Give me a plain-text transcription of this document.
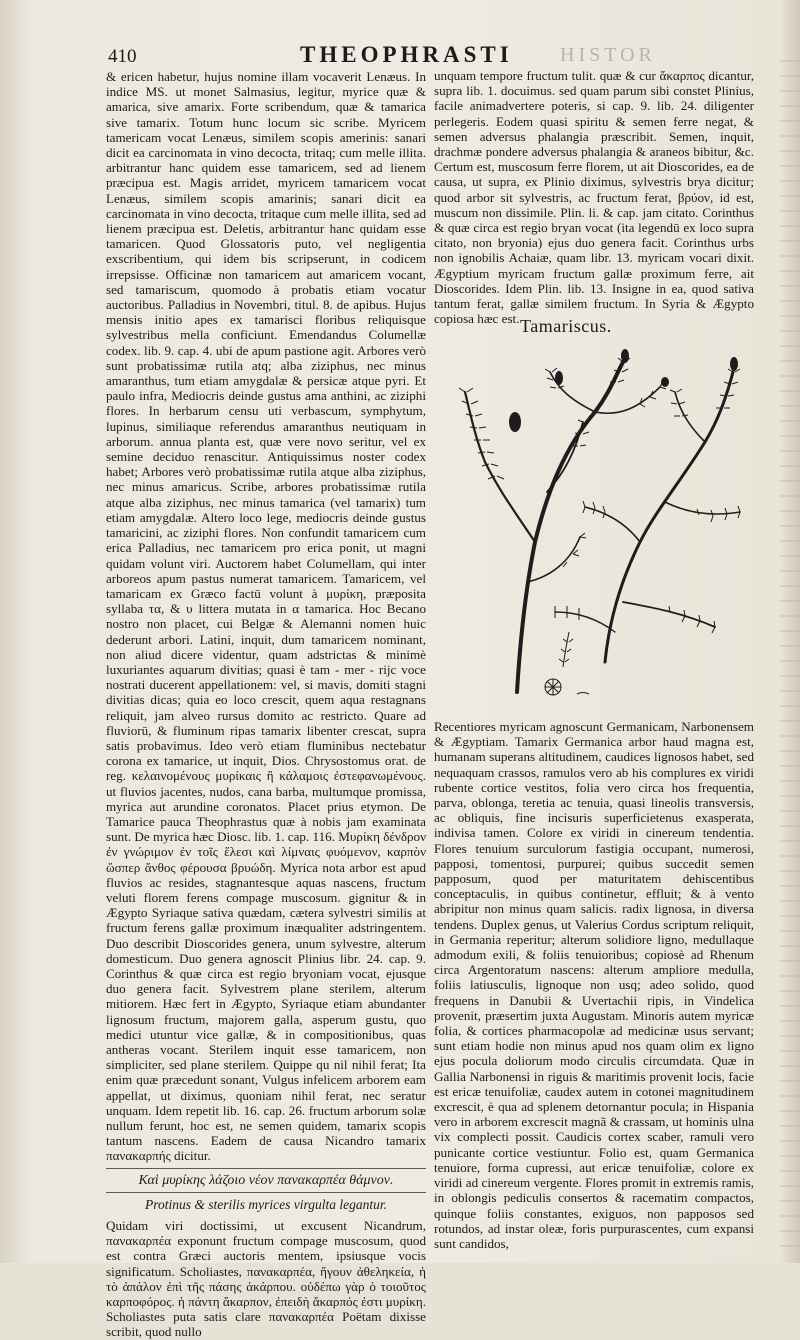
410	THEOPHRASTI HISTOR

& ericen habetur, hujus nomine illam vocaverit Lenæus. In indice MS. ut monet Salmasius, legitur, myrice quæ & amarica, sive amarix. Forte scribendum, quæ & tamarica sive tamarix. Totum hunc locum sic scribe. Myricem tamericam vocat Lenæus, similem scopis amerinis: sanari dicit ea carcinomata in vino decocta, tritaq; cum melle illita. arbitrantur hanc quidem esse tamaricem, sed ad lienem præcipua est. Magis arridet, myricem tamaricem vocat Lenæus, similem scopis amarinis; sanari dicit ea carcinomata in vino decocta, tritaque cum melle illita, sed ad lienem præcipua est. Deletis, arbitrantur hanc quidam esse tamaricen. Quod Glossatoris puto, vel negligentia exscribentium, qui idem bis scripserunt, in codicem irrepsisse. Officinæ non tamaricem aut amaricem vocant, sed tamariscum, quomodo à probatis etiam vocatur auctoribus. Palladius in Novembri, titul. 8. de apibus. Hujus mensis initio apes ex tamarisci floribus reliquisque sylvestribus mella conficiunt. Emendandus Columellæ codex. lib. 9. cap. 4. ubi de apum pastione agit. Arbores verò sunt probatissimæ rutila atq; alba ziziphus, nec minus amaranthus, tum etiam amygdalæ & persicæ atque pyri. Et paulo infra, Mediocris deinde gustus ama anthini, ac ziziphi flores. In herbarum censu uti verbascum, symphytum, lupinus, similiaque referendus amaranthus neutiquam in arborum. annua planta est, quæ vere novo seritur, vel ex semine deciduo renascitur. Antiquissimus noster codex habet; Arbores verò probatissimæ rutila atque alba ziziphus, nec minus amaricus. Scribe, arbores probatissimæ rutila atque alba ziziphus, nec minus tamarica (vel tamarix) tum etiam amygdalæ. Altero loco lege, mediocris deinde gustus tamaricini, ac ziziphi flores. Non confundit tamaricem cum erica Palladius, nec tamaricem pro erica ponit, ut magni quidam volunt viri. Auctorem habet Columellam, qui inter arboreos apum pastus numerat tamaricem. Tamaricem, vel tamaricam ex Græco factū volunt à μυρίκη, præposita syllaba τα, & υ littera mutata in α tamarica. Hoc Becano nostro non placet, cui Belgæ & Alemanni nomen huic dederunt arbori. Latini, inquit, dum tamaricem nominant, non aliud dicere videntur, quam adstrictas & minimè luxuriantes aquarum divitias; quasi è tam - mer - rijc voce nostrati ducerent appellationem: vel, si mavis, domiti stagni divitias dicas; quia eo loco crescit, quem aqua restagnans reliquit, jam alveo rursus domito ac restricto. Quare ad fluviorū, & fluminum ripas tamarix libenter crescat, supra satis probavimus. Ideo verò etiam fluminibus nectebatur corona ex tamarice, ut inquit, Dios. Chrysostomus orat. de reg. κελαινομένους μυρίκαις ἢ κάλαμοις ἐστεφανωμένους. ut fluvios jacentes, nudos, cana barba, multumque promissa, myrica aut arundine coronatos. Placet prius etymon. De Tamarice pauca Theophrastus quæ à nobis jam examinata sunt. De myrica hæc Diosc. lib. 1. cap. 116. Μυρίκη δένδρον ἐν γνώριμον ἐν τοῖς ἕλεσι καὶ λίμναις φυόμενον, καρπὸν ὥσπερ ἄνθος φέρουσα βρυώδη. Myrica nota arbor est apud fluvios ac resides, stagnantesque aquas nascens, fructum veluti florem ferens compage muscosum. gignitur & in Ægypto Syriaque sativa quædam, cætera sylvestri similis at fructum ferens gallæ proximum inæqualiter adstringentem. Duo describit Dioscorides genera, unum sylvestre, alterum domesticum. Duo genera agnoscit Plinius libr. 24. cap. 9. Corinthus & quæ circa est regio bryoniam vocat, ejusque duo genera facit. Sylvestrem plane sterilem, alterum mitiorem. Hæc fert in Ægypto, Syriaque etiam abundanter lignosum fructum, majorem galla, asperum gustu, quo medici utuntur vice gallæ, & in compositionibus, quas antheras vocant. Sterilem inquit esse tamaricem, non simpliciter, sed plane sterilem. Quippe qu nil nihil ferat; Ita enim quæ præcedunt sonant, Vulgus infelicem arborem eam appellat, ut diximus, quoniam nihil ferat, nec seratur unquam. Idem repetit lib. 16. cap. 26. fructum arborum solæ nullum ferunt, hoc est, ne semen quidem, tamarix scopis tantum nascens. Eadem de causa Nicandro tamarix πανακαρπής dicitur.

Καὶ μυρίκης λάζοιο νέον πανακαρπέα θάμνον.
Protinus & sterilis myrices virgulta legantur.

Quidam viri doctissimi, ut excusent Nicandrum, πανακαρπέα exponunt fructum compage muscosum, quod est contra Græci auctoris mentem, ipsiusque vocis significatum. Scholiastes, πανακαρπέα, ἤγουν ἀθεληκεία, ἡ τὸ ἀπάλον ἐπὶ τῆς πάσης ἀκάρπου. οὐδέπω γὰρ ὁ τοιοῦτος καρποφόρος. ἡ πάντη ἄκαρπον, ἐπειδὴ ἄκαρπός ἐστι μυρίκη. Scholiastes puta satis clare πανακαρπέα Poëtam dixisse scribit, quod nullo

unquam tempore fructum tulit. quæ & cur ἄκαρπος dicantur, supra lib. 1. docuimus. sed quam parum sibi constet Plinius, facile animadvertere poteris, si cap. 9. lib. 24. diligenter perlegeris. Eodem quasi spiritu & semen ferre negat, & semen adversus phalangia præscribit. Semen, inquit, drachmæ pondere adversus phalangia & araneos bibitur, &c. Certum est, muscosum ferre florem, ut ait Dioscorides, ea de causa, ut supra, ex Plinio diximus, sylvestris brya dicitur; quod arbor sit sylvestris, ac fructum ferat, βρύον, id est, muscum non dissimile. Plin. li. & cap. jam citato. Corinthus & quæ circa est regio bryan vocat (ita legendū ex loco supra citato, non bryonia) ejus duo genera facit. Corinthus urbs non ignobilis Achaiæ, quam libr. 13. myricam vocari dixit. Ægyptium myricam fructum gallæ proximum ferre, ait Dioscorides. Idem Plin. lib. 13. Insigne in ea, quod sativa tantum ferat, gallæ similem fructum. In Syria & Ægypto copiosa hæc est. Tamariscus.

Recentiores myricam agnoscunt Germanicam, Narbonensem & Ægyptiam. Tamarix Germanica arbor haud magna est, humanam superans altitudinem, caudices lignosos habet, sed nequaquam crassos, ramulos vero ab his complures ex viridi rubente cortice vestitos, folia vero circa hos frequentia, parva, oblonga, teretia ac tenuia, quasi lineolis transversis, ac obliquis, fine incisuris superficietenus exasperata, indivisa tamen. Colore ex viridi in cinereum tendentia. Flores tenuium surculorum fastigia occupant, numerosi, papposi, tomentosi, purpurei; quibus succedit semen papposum, quod per maturitatem dehiscentibus conceptaculis, in quibus continetur, effluit; & à vento abripitur non minus quam salicis. radix lignosa, in diversa tendens. Duplex genus, ut Valerius Cordus scriptum reliquit, in Germania reperitur; alterum solidiore ligno, medullaque admodum exili, & foliis tenuioribus; copiosè ad Rhenum circa Argentoratum nascens: alterum ampliore medulla, foliis latiusculis, lignoque non usq; adeo solido, quod frequens in Danubii & Uvertachii ripis, in Vindelica provenit, præsertim juxta Augustam. Minoris autem myricæ folia, & cortices pharmacopolæ ad medicinæ usus servant; sunt etiam hodie non minus apud nos quam olim ex ligno ejus pocula doliorum modo circulis circumdata. Quæ in Gallia Narbonensi in riguis & maritimis provenit locis, facie est ericæ tenuifoliæ, caudex autem in cotonei magnitudinem excrescit, è qua ad splenem detornantur pocula; in Hispania vero in arborem excrescit magnã & crassam, ut hominis ulna vix complecti possit. Caudicis cortex scaber, ramuli vero punicante cortice vestiuntur. Folio est, quam Germanica tenuiore, forma cupressi, aut ericæ tenuifoliæ, colore ex viridi ad cinereum vergente. Flores promit in extremis ramis, in oblongis pediculis consertos & racematim compactos, quinque foliis constantes, exiguos, non papposos sed rotundos, ad instar oleæ, foris purpurascentes, cum expansi sunt candidos,
